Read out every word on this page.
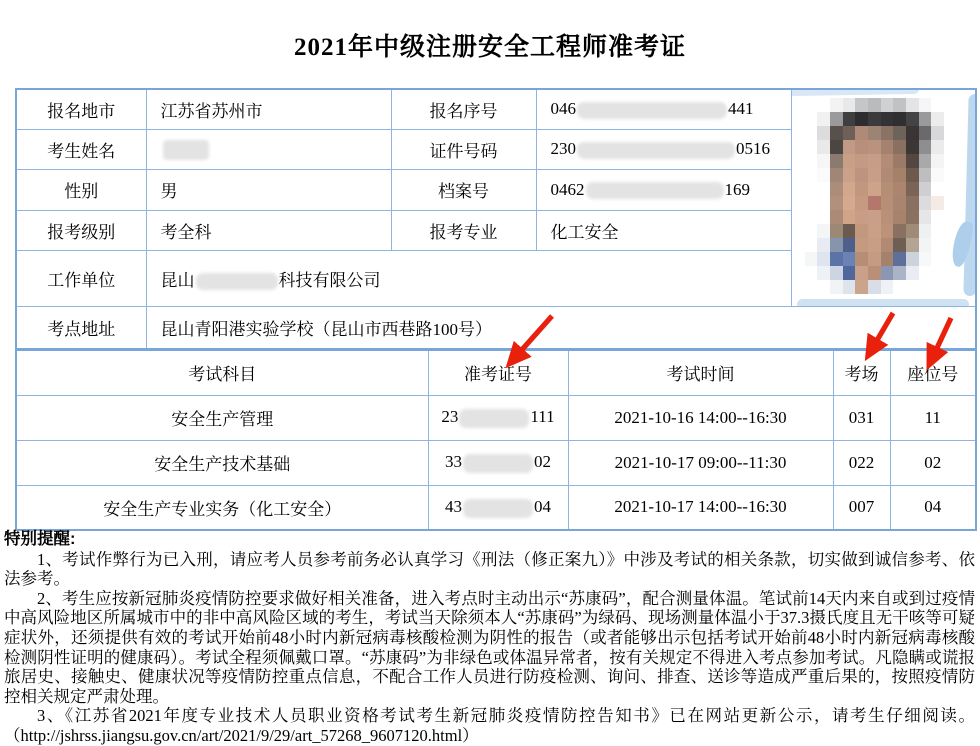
2021年中级注册安全工程师准考证
报名地市	江苏省苏州市	报名序号	046 441	

考生姓名		证件号码	230 0516	
性别	男	档案号	0462 169	
报考级别	考全科	报考专业	化工安全	
工作单位	昆山 科技有限公司			
考点地址	昆山青阳港实验学校（昆山市西巷路100号）			
考试科目	准考证号	考试时间	考场	座位号
安全生产管理	23 111	2021-10-16 14:00--16:30	031	11
安全生产技术基础	33 02	2021-10-17 09:00--11:30	022	02
安全生产专业实务（化工安全）	43 04	2021-10-17 14:00--16:30	007	04
特别提醒:

1、考试作弊行为已入刑，请应考人员参考前务必认真学习《刑法（修正案九）》中涉及考试的相关条款，切实做到诚信参考、依法参考。

2、考生应按新冠肺炎疫情防控要求做好相关准备，进入考点时主动出示“苏康码”，配合测量体温。笔试前14天内来自或到过疫情中高风险地区所属城市中的非中高风险区域的考生，考试当天除须本人“苏康码”为绿码、现场测量体温小于37.3摄氏度且无干咳等可疑症状外，还须提供有效的考试开始前48小时内新冠病毒核酸检测为阴性的报告（或者能够出示包括考试开始前48小时内新冠病毒核酸检测阴性证明的健康码）。考试全程须佩戴口罩。“苏康码”为非绿色或体温异常者，按有关规定不得进入考点参加考试。凡隐瞒或谎报旅居史、接触史、健康状况等疫情防控重点信息，不配合工作人员进行防疫检测、询问、排查、送诊等造成严重后果的，按照疫情防控相关规定严肃处理。

3、《江苏省2021年度专业技术人员职业资格考试考生新冠肺炎疫情防控告知书》已在网站更新公示，请考生仔细阅读。（http://jshrss.jiangsu.gov.cn/art/2021/9/29/art_57268_9607120.html）
